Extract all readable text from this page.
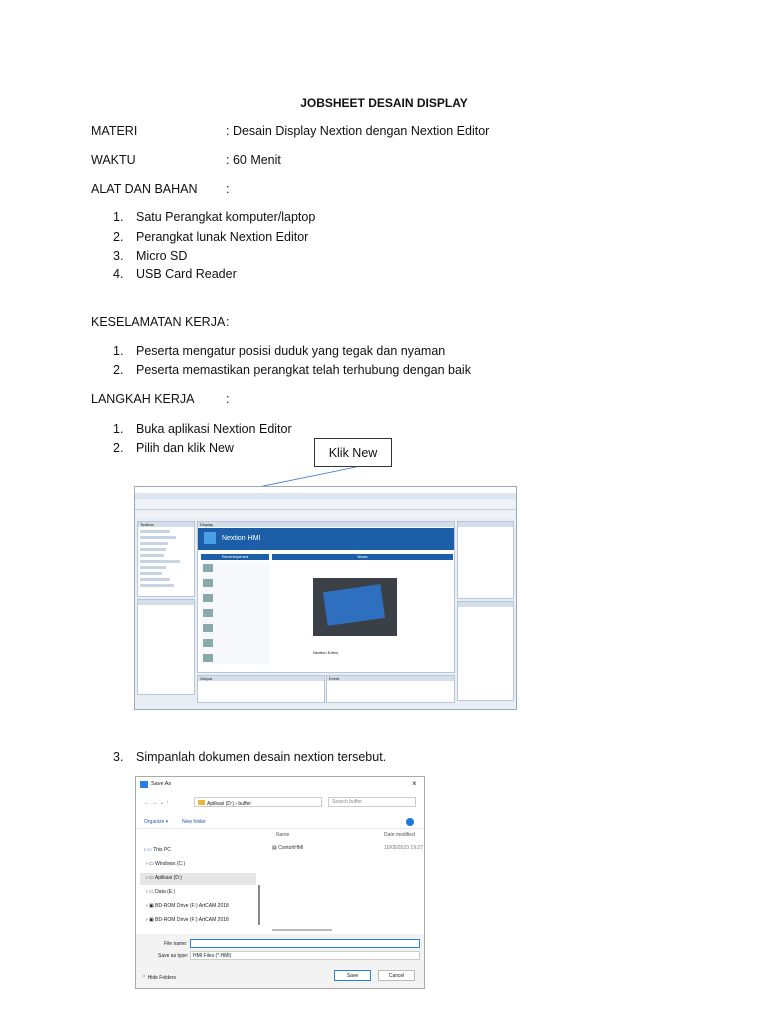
JOBSHEET DESAIN DISPLAY
MATERI	: Desain Display Nextion dengan Nextion Editor
WAKTU	: 60 Menit
ALAT DAN BAHAN :
1. Satu Perangkat komputer/laptop
2. Perangkat lunak Nextion Editor
3. Micro SD
4. USB Card Reader
KESELAMATAN KERJA :
1. Peserta mengatur posisi duduk yang tegak dan nyaman
2. Peserta memastikan perangkat telah terhubung dengan baik
LANGKAH KERJA	:
1. Buka aplikasi Nextion Editor
2. Pilih dan klik New	Klik New
Toolbox	Display
Nextion HMI
Recentopened	News
Nextion Editor
Output	Event
3. Simpanlah dokumen desain nextion tersebut.
Save As	×
← → ⌄ ↑	Aplikasi (D:) › buffer	Search buffer
Organize ▾	New folder
Name	Date modified
▤ ContohHMI	10/05/2023 19:27
› ▭ This PC
› ▭ Windows (C:)
› ▭ Aplikasi (D:)
› ▭ Data (E:)
› ▣ BD-ROM Drive (F:) ArtCAM 2018
› ▣ BD-ROM Drive (F:) ArtCAM 2018
File name:
Save as type: HMI Files (*.HMI)
⌃ Hide Folders	Save	Cancel
